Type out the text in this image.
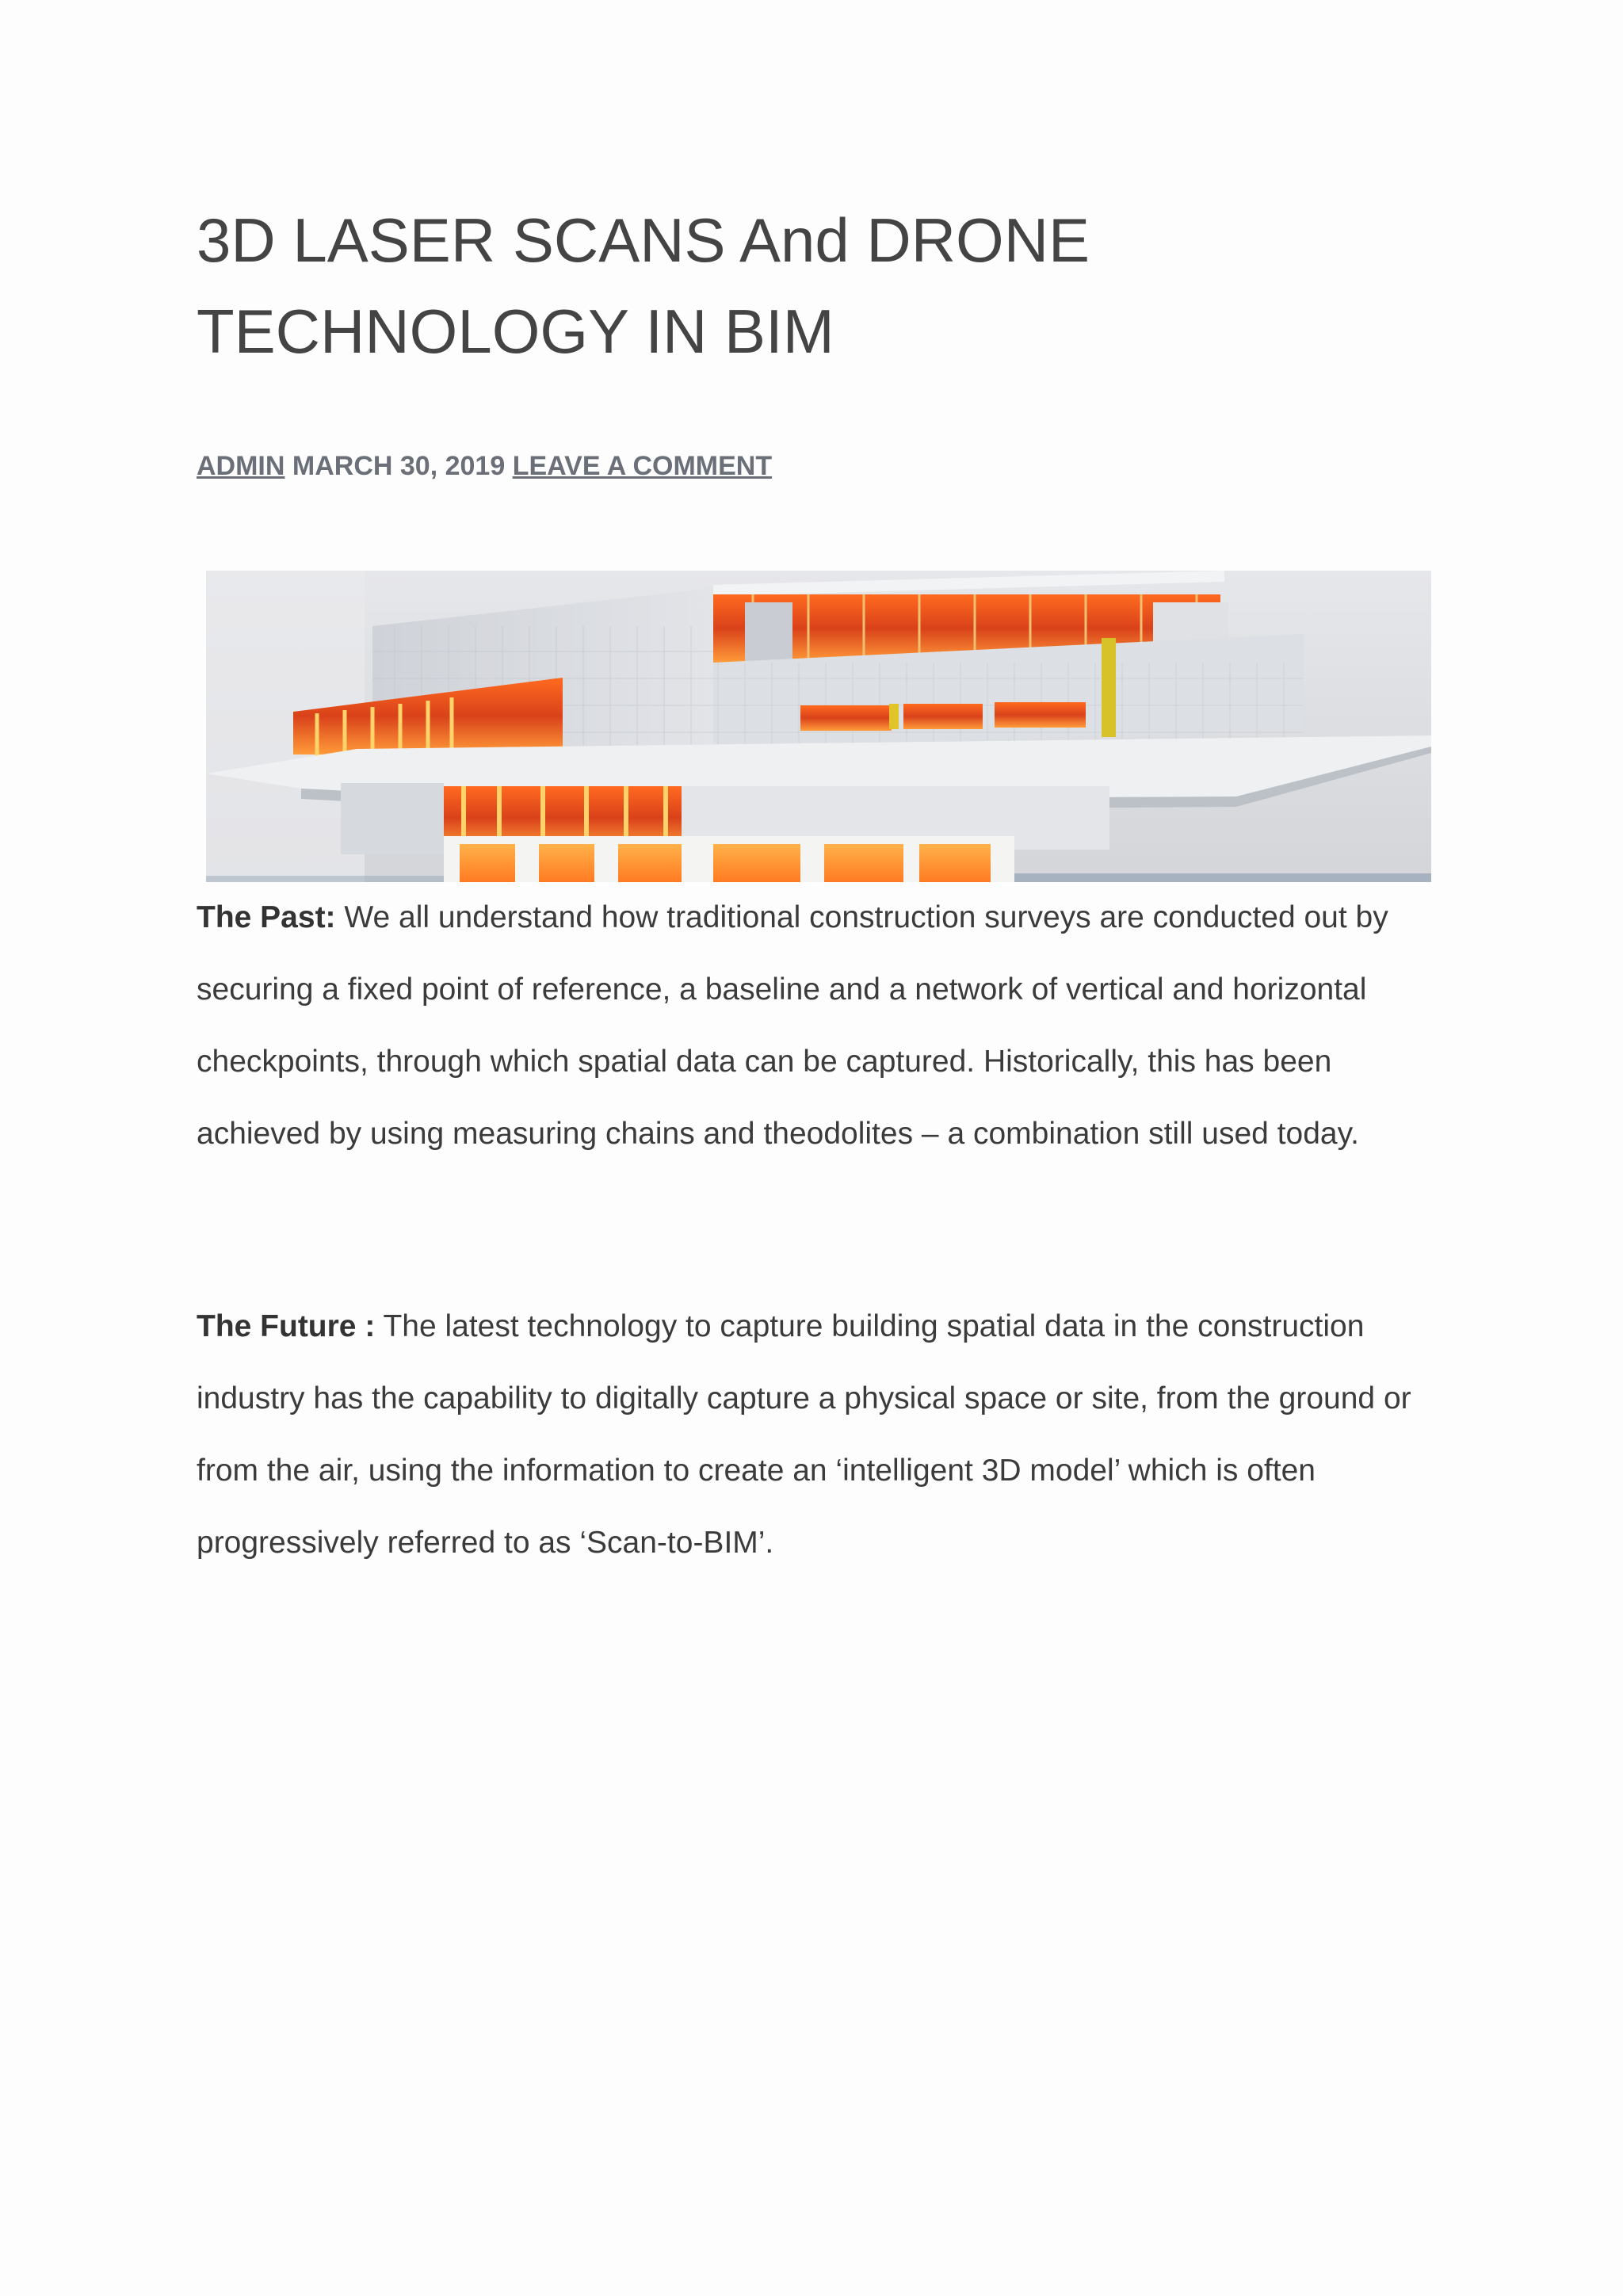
3D LASER SCANS And DRONE TECHNOLOGY IN BIM
ADMIN MARCH 30, 2019 LEAVE A COMMENT

The Past: We all understand how traditional construction surveys are conducted out by securing a fixed point of reference, a baseline and a network of vertical and horizontal checkpoints, through which spatial data can be captured. Historically, this has been achieved by using measuring chains and theodolites – a combination still used today.

The Future : The latest technology to capture building spatial data in the construction industry has the capability to digitally capture a physical space or site, from the ground or from the air, using the information to create an ‘intelligent 3D model’ which is often progressively referred to as ‘Scan-to-BIM’.
